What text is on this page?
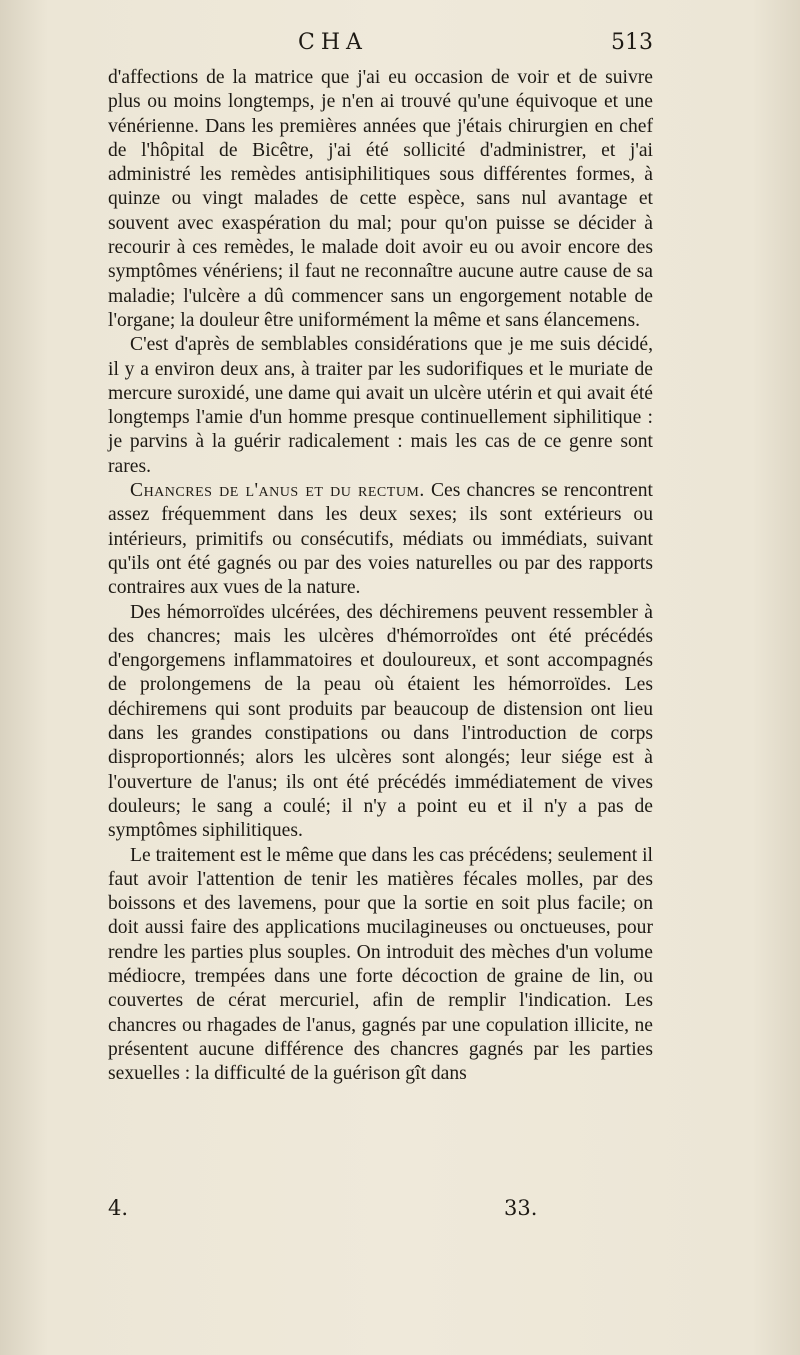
CHA	513

d'affections de la matrice que j'ai eu occasion de voir et de suivre plus ou moins longtemps, je n'en ai trouvé qu'une équivoque et une vénérienne. Dans les premières années que j'étais chirurgien en chef de l'hôpital de Bicêtre, j'ai été sollicité d'administrer, et j'ai administré les remèdes antisiphilitiques sous différentes formes, à quinze ou vingt malades de cette espèce, sans nul avantage et souvent avec exaspération du mal; pour qu'on puisse se décider à recourir à ces remèdes, le malade doit avoir eu ou avoir encore des symptômes vénériens; il faut ne reconnaître aucune autre cause de sa maladie; l'ulcère a dû commencer sans un engorgement notable de l'organe; la douleur être uniformément la même et sans élancemens.

C'est d'après de semblables considérations que je me suis décidé, il y a environ deux ans, à traiter par les sudorifiques et le muriate de mercure suroxidé, une dame qui avait un ulcère utérin et qui avait été longtemps l'amie d'un homme presque continuellement siphilitique : je parvins à la guérir radicalement : mais les cas de ce genre sont rares.

Chancres de l'anus et du rectum. Ces chancres se rencontrent assez fréquemment dans les deux sexes; ils sont extérieurs ou intérieurs, primitifs ou consécutifs, médiats ou immédiats, suivant qu'ils ont été gagnés ou par des voies naturelles ou par des rapports contraires aux vues de la nature.

Des hémorroïdes ulcérées, des déchiremens peuvent ressembler à des chancres; mais les ulcères d'hémorroïdes ont été précédés d'engorgemens inflammatoires et douloureux, et sont accompagnés de prolongemens de la peau où étaient les hémorroïdes. Les déchiremens qui sont produits par beaucoup de distension ont lieu dans les grandes constipations ou dans l'introduction de corps disproportionnés; alors les ulcères sont alongés; leur siége est à l'ouverture de l'anus; ils ont été précédés immédiatement de vives douleurs; le sang a coulé; il n'y a point eu et il n'y a pas de symptômes siphilitiques.

Le traitement est le même que dans les cas précédens; seulement il faut avoir l'attention de tenir les matières fécales molles, par des boissons et des lavemens, pour que la sortie en soit plus facile; on doit aussi faire des applications mucilagineuses ou onctueuses, pour rendre les parties plus souples. On introduit des mèches d'un volume médiocre, trempées dans une forte décoction de graine de lin, ou couvertes de cérat mercuriel, afin de remplir l'indication. Les chancres ou rhagades de l'anus, gagnés par une copulation illicite, ne présentent aucune différence des chancres gagnés par les parties sexuelles : la difficulté de la guérison gît dans

4.	33.
